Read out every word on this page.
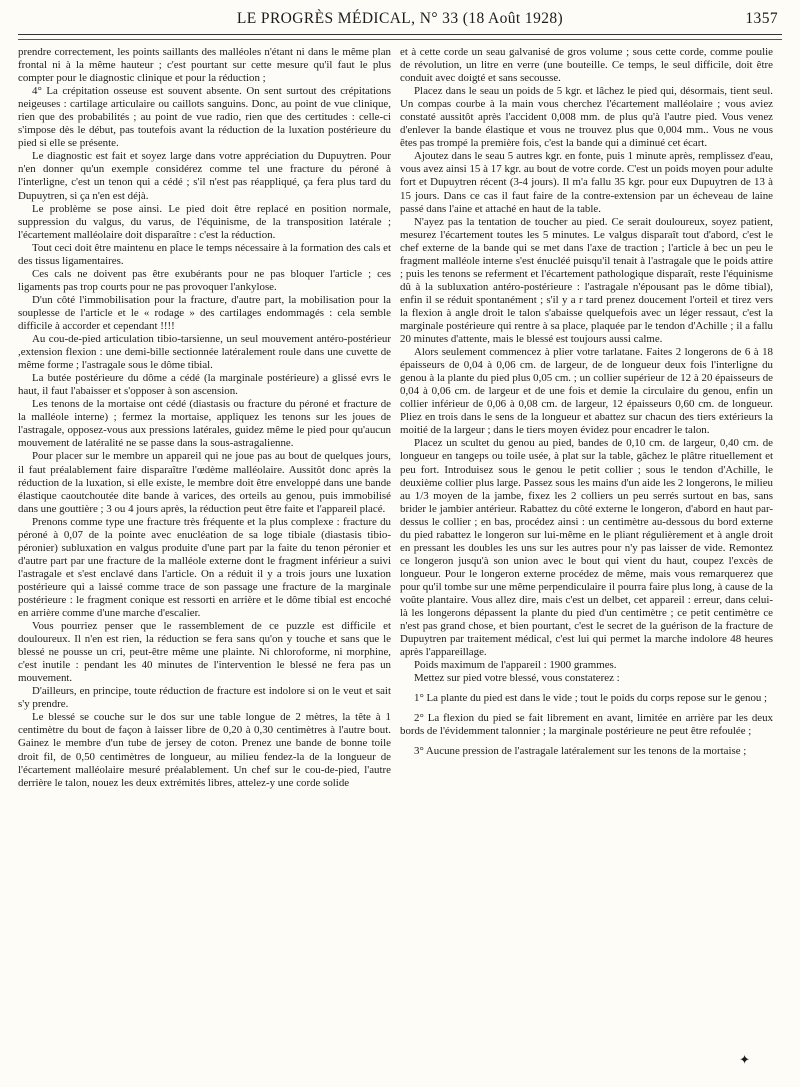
LE PROGRÈS MÉDICAL, N° 33 (18 Août 1928)	1357

prendre correctement, les points saillants des malléoles n'étant ni dans le même plan frontal ni à la même hauteur ; c'est pourtant sur cette mesure qu'il faut le plus compter pour le diagnostic clinique et pour la réduction ;

4° La crépitation osseuse est souvent absente. On sent surtout des crépitations neigeuses : cartilage articulaire ou caillots sanguins. Donc, au point de vue clinique, rien que des probabilités ; au point de vue radio, rien que des certitudes : celle-ci s'impose dès le début, pas toutefois avant la réduction de la luxation postérieure du pied si elle se présente.

Le diagnostic est fait et soyez large dans votre appréciation du Dupuytren. Pour n'en donner qu'un exemple considérez comme tel une fracture du péroné à l'interligne, c'est un tenon qui a cédé ; s'il n'est pas réappliqué, ça fera plus tard du Dupuytren, si ça n'en est déjà.

Le problème se pose ainsi. Le pied doit être replacé en position normale, suppression du valgus, du varus, de l'équinisme, de la transposition latérale ; l'écartement malléolaire doit disparaître : c'est la réduction.

Tout ceci doit être maintenu en place le temps nécessaire à la formation des cals et des tissus ligamentaires.

Ces cals ne doivent pas être exubérants pour ne pas bloquer l'article ; ces ligaments pas trop courts pour ne pas provoquer l'ankylose.

D'un côté l'immobilisation pour la fracture, d'autre part, la mobilisation pour la souplesse de l'article et le « rodage » des cartilages endommagés : cela semble difficile à accorder et cependant !!!!

Au cou-de-pied articulation tibio-tarsienne, un seul mouvement antéro-postérieur ,extension flexion : une demi-bille sectionnée latéralement roule dans une cuvette de même forme ; l'astragale sous le dôme tibial.

La butée postérieure du dôme a cédé (la marginale postérieure) a glissé evrs le haut, il faut l'abaisser et s'opposer à son ascension.

Les tenons de la mortaise ont cédé (diastasis ou fracture du péroné et fracture de la malléole interne) ; fermez la mortaise, appliquez les tenons sur les joues de l'astragale, opposez-vous aux pressions latérales, guidez même le pied pour qu'aucun mouvement de latéralité ne se passe dans la sous-astragalienne.

Pour placer sur le membre un appareil qui ne joue pas au bout de quelques jours, il faut préalablement faire disparaître l'œdème malléolaire. Aussitôt donc après la réduction de la luxation, si elle existe, le membre doit être enveloppé dans une bande élastique caoutchoutée dite bande à varices, des orteils au genou, puis immobilisé dans une gouttière ; 3 ou 4 jours après, la réduction peut être faite et l'appareil placé.

Prenons comme type une fracture très fréquente et la plus complexe : fracture du péroné à 0,07 de la pointe avec enucléation de sa loge tibiale (diastasis tibio-péronier) subluxation en valgus produite d'une part par la faite du tenon péronier et d'autre part par une fracture de la malléole externe dont le fragment inférieur a suivi l'astragale et s'est enclavé dans l'article. On a réduit il y a trois jours une luxation postérieure qui a laissé comme trace de son passage une fracture de la marginale postérieure : le fragment conique est ressorti en arrière et le dôme tibial est encoché en arrière comme d'une marche d'escalier.

Vous pourriez penser que le rassemblement de ce puzzle est difficile et douloureux. Il n'en est rien, la réduction se fera sans qu'on y touche et sans que le blessé ne pousse un cri, peut-être même une plainte. Ni chloroforme, ni morphine, c'est inutile : pendant les 40 minutes de l'intervention le blessé ne fera pas un mouvement.

D'ailleurs, en principe, toute réduction de fracture est indolore si on le veut et sait s'y prendre.

Le blessé se couche sur le dos sur une table longue de 2 mètres, la tête à 1 centimètre du bout de façon à laisser libre de 0,20 à 0,30 centimètres à l'autre bout. Gainez le membre d'un tube de jersey de coton. Prenez une bande de bonne toile droit fil, de 0,50 centimètres de longueur, au milieu fendez-la de la longueur de l'écartement malléolaire mesuré préalablement. Un chef sur le cou-de-pied, l'autre derrière le talon, nouez les deux extrémités libres, attelez-y une corde solide

et à cette corde un seau galvanisé de gros volume ; sous cette corde, comme poulie de révolution, un litre en verre (une bouteille. Ce temps, le seul difficile, doit être conduit avec doigté et sans secousse.

Placez dans le seau un poids de 5 kgr. et lâchez le pied qui, désormais, tient seul. Un compas courbe à la main vous cherchez l'écartement malléolaire ; vous aviez constaté aussitôt après l'accident 0,008 mm. de plus qu'à l'autre pied. Vous venez d'enlever la bande élastique et vous ne trouvez plus que 0,004 mm.. Vous ne vous êtes pas trompé la première fois, c'est la bande qui a diminué cet écart.

Ajoutez dans le seau 5 autres kgr. en fonte, puis 1 minute après, remplissez d'eau, vous avez ainsi 15 à 17 kgr. au bout de votre corde. C'est un poids moyen pour adulte fort et Dupuytren récent (3-4 jours). Il m'a fallu 35 kgr. pour eux Dupuytren de 13 à 15 jours. Dans ce cas il faut faire de la contre-extension par un écheveau de laine passé dans l'aine et attaché en haut de la table.

N'ayez pas la tentation de toucher au pied. Ce serait douloureux, soyez patient, mesurez l'écartement toutes les 5 minutes. Le valgus disparaît tout d'abord, c'est le chef externe de la bande qui se met dans l'axe de traction ; l'article à bec un peu le fragment malléole interne s'est énucléé puisqu'il tenait à l'astragale que le poids attire ; puis les tenons se referment et l'écartement pathologique disparaît, reste l'équinisme dû à la subluxation antéro-postérieure : l'astragale n'épousant pas le dôme tibial), enfin il se réduit spontanément ; s'il y a r tard prenez doucement l'orteil et tirez vers la flexion à angle droit le talon s'abaisse quelquefois avec un léger ressaut, c'est la marginale postérieure qui rentre à sa place, plaquée par le tendon d'Achille ; il a fallu 20 minutes d'attente, mais le blessé est toujours aussi calme.

Alors seulement commencez à plier votre tarlatane. Faites 2 longerons de 6 à 18 épaisseurs de 0,04 à 0,06 cm. de largeur, de de longueur deux fois l'interligne du genou à la plante du pied plus 0,05 cm. ; un collier supérieur de 12 à 20 épaisseurs de 0,04 à 0,06 cm. de largeur et de une fois et demie la circulaire du genou, enfin un collier inférieur de 0,06 à 0,08 cm. de largeur, 12 épaisseurs 0,60 cm. de longueur. Pliez en trois dans le sens de la longueur et abattez sur chacun des tiers extérieurs la moitié de la largeur ; dans le tiers moyen évidez pour encadrer le talon.

Placez un scultet du genou au pied, bandes de 0,10 cm. de largeur, 0,40 cm. de longueur en tangeps ou toile usée, à plat sur la table, gâchez le plâtre rituellement et peu fort. Introduisez sous le genou le petit collier ; sous le tendon d'Achille, le deuxième collier plus large. Passez sous les mains d'un aide les 2 longerons, le milieu au 1/3 moyen de la jambe, fixez les 2 colliers un peu serrés surtout en bas, sans brider le jambier antérieur. Rabattez du côté externe le longeron, d'abord en haut par-dessus le collier ; en bas, procédez ainsi : un centimètre au-dessous du bord externe du pied rabattez le longeron sur lui-même en le pliant régulièrement et à angle droit en pressant les doubles les uns sur les autres pour n'y pas laisser de vide. Remontez ce longeron jusqu'à son union avec le bout qui vient du haut, coupez l'excès de longueur. Pour le longeron externe procédez de même, mais vous remarquerez que pour qu'il tombe sur une même perpendiculaire il pourra faire plus long, à cause de la voûte plantaire. Vous allez dire, mais c'est un delbet, cet appareil : erreur, dans celui-là les longerons dépassent la plante du pied d'un centimètre ; ce petit centimètre ce n'est pas grand chose, et bien pourtant, c'est le secret de la guérison de la fracture de Dupuytren par traitement médical, c'est lui qui permet la marche indolore 48 heures après l'appareillage.

Poids maximum de l'appareil : 1900 grammes.

Mettez sur pied votre blessé, vous constaterez :

1° La plante du pied est dans le vide ; tout le poids du corps repose sur le genou ;

2° La flexion du pied se fait librement en avant, limitée en arrière par les deux bords de l'évidemment talonnier ; la marginale postérieure ne peut être refoulée ;

3° Aucune pression de l'astragale latéralement sur les tenons de la mortaise ;

✦
